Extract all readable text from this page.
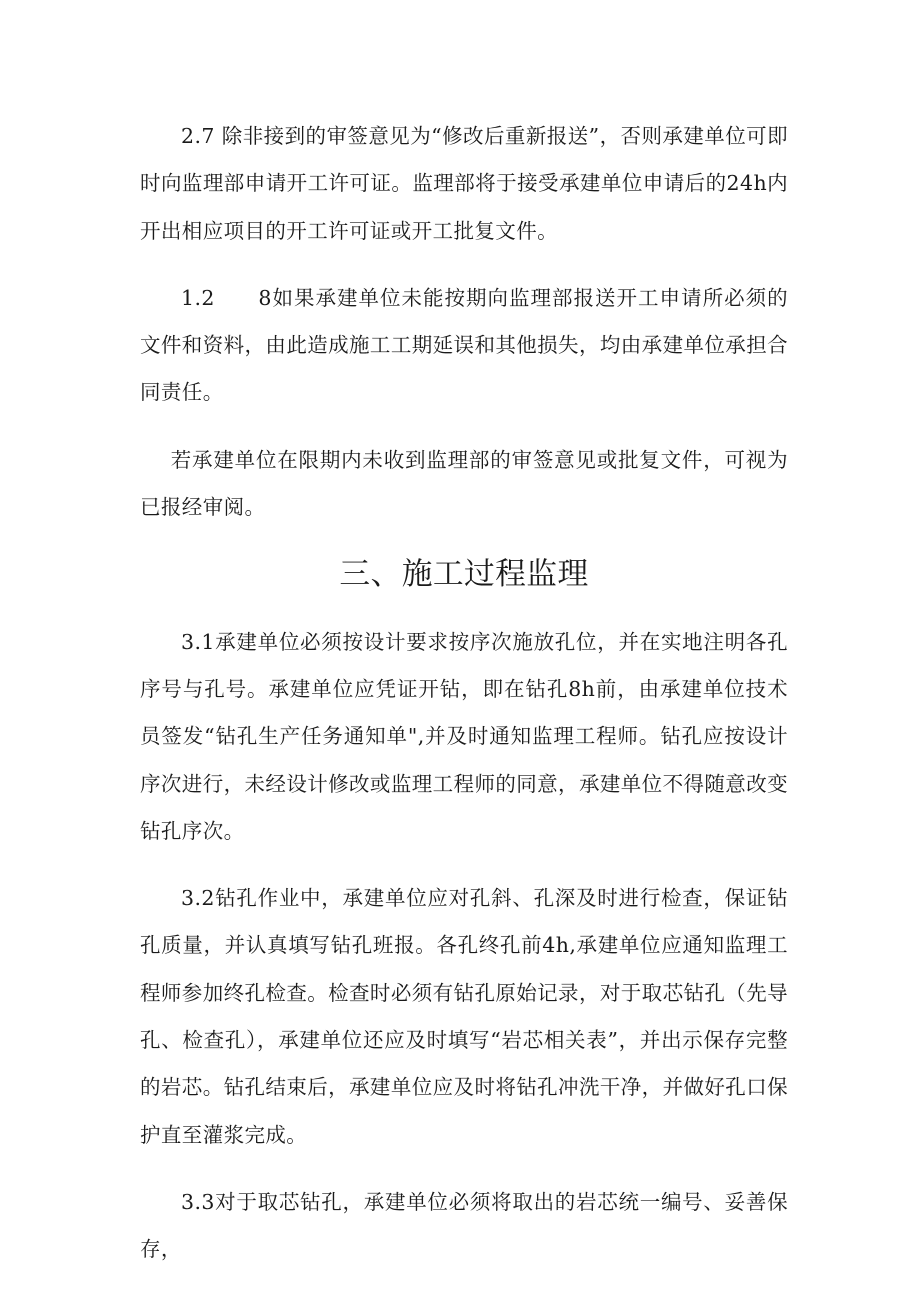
2.7 除非接到的审签意见为“修改后重新报送”，否则承建单位可即时向监理部申请开工许可证。监理部将于接受承建单位申请后的24h内开出相应项目的开工许可证或开工批复文件。

1.2　　8如果承建单位未能按期向监理部报送开工申请所必须的文件和资料，由此造成施工工期延误和其他损失，均由承建单位承担合同责任。

若承建单位在限期内未收到监理部的审签意见或批复文件，可视为已报经审阅。

三、施工过程监理

3.1承建单位必须按设计要求按序次施放孔位，并在实地注明各孔序号与孔号。承建单位应凭证开钻，即在钻孔8h前，由承建单位技术员签发“钻孔生产任务通知单",并及时通知监理工程师。钻孔应按设计序次进行，未经设计修改或监理工程师的同意，承建单位不得随意改变钻孔序次。

3.2钻孔作业中，承建单位应对孔斜、孔深及时进行检查，保证钻孔质量，并认真填写钻孔班报。各孔终孔前4h,承建单位应通知监理工程师参加终孔检查。检查时必须有钻孔原始记录，对于取芯钻孔（先导孔、检查孔），承建单位还应及时填写“岩芯相关表”，并出示保存完整的岩芯。钻孔结束后，承建单位应及时将钻孔冲洗干净，并做好孔口保护直至灌浆完成。

3.3对于取芯钻孔，承建单位必须将取出的岩芯统一编号、妥善保存，
